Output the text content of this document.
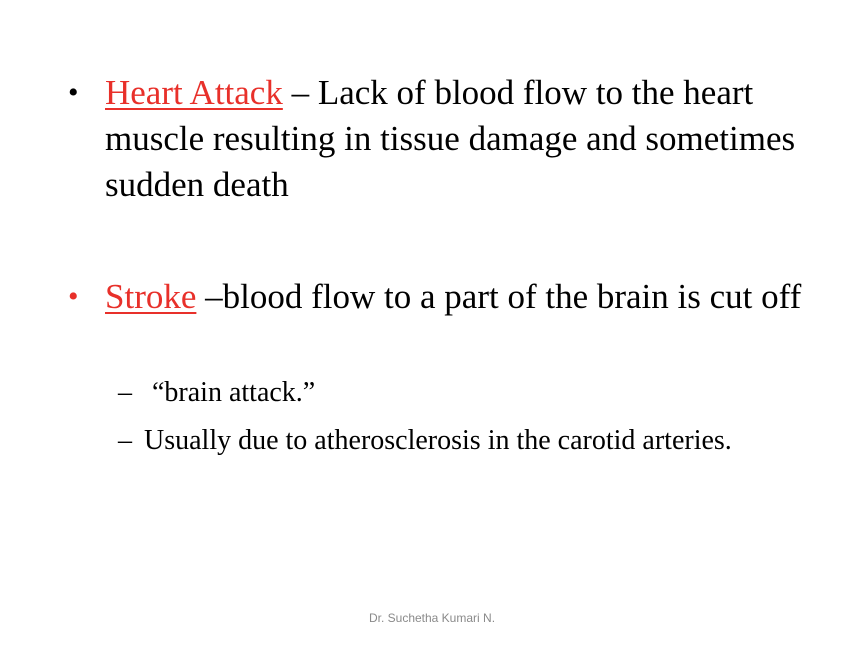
• Heart Attack – Lack of blood flow to the heart muscle resulting in tissue damage and sometimes sudden death
• Stroke –blood flow to a part of the brain is cut off
– “brain attack.”
– Usually due to atherosclerosis in the carotid arteries.
Dr. Suchetha Kumari N.
